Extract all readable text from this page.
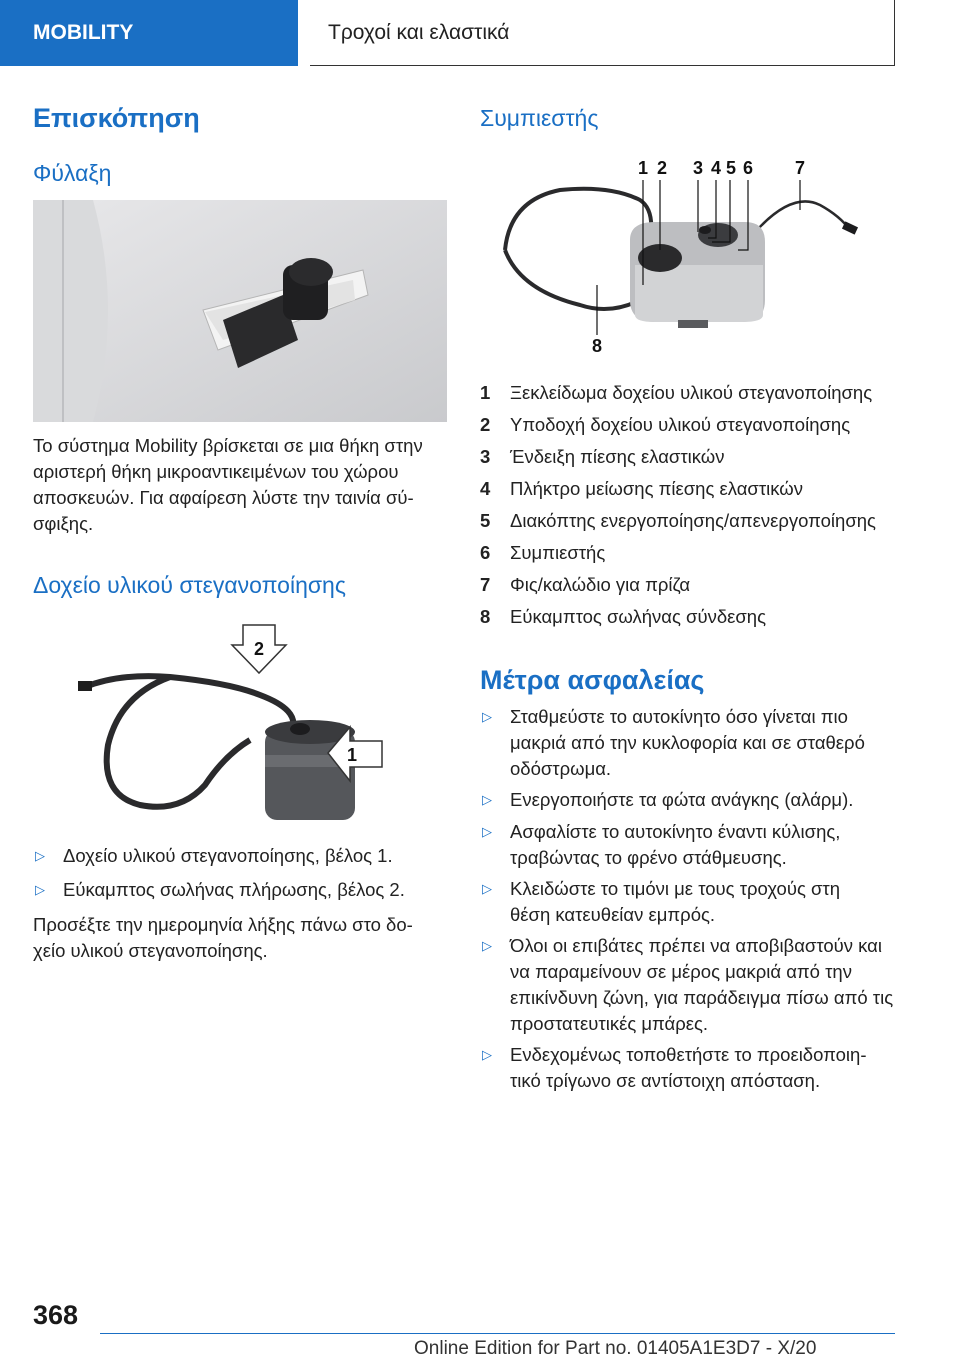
MOBILITY	Τροχοί και ελαστικά
Επισκόπηση
Φύλαξη

Το σύστημα Mobility βρίσκεται σε μια θήκη στην

αριστερή θήκη μικροαντικειμένων του χώρου

αποσκευών. Για αφαίρεση λύστε την ταινία σύ-

σφιξης.

Δοχείο υλικού στεγανοποίησης
2
1
▷ Δοχείο υλικού στεγανοποίησης, βέλος 1.
▷ Εύκαμπτος σωλήνας πλήρωσης, βέλος 2.

Προσέξτε την ημερομηνία λήξης πάνω στο δο-

χείο υλικού στεγανοποίησης.

Συμπιεστής
1 2 3 4 5 6 7
8
1 Ξεκλείδωμα δοχείου υλικού στεγανοποίησης
2 Υποδοχή δοχείου υλικού στεγανοποίησης
3 Ένδειξη πίεσης ελαστικών
4 Πλήκτρο μείωσης πίεσης ελαστικών
5 Διακόπτης ενεργοποίησης/απενεργοποίησης
6 Συμπιεστής
7 Φις/καλώδιο για πρίζα
8 Εύκαμπτος σωλήνας σύνδεσης
Μέτρα ασφαλείας
▷ Σταθμεύστε το αυτοκίνητο όσο γίνεται πιο
μακριά από την κυκλοφορία και σε σταθερό
οδόστρωμα.
▷ Ενεργοποιήστε τα φώτα ανάγκης (αλάρμ).
▷ Ασφαλίστε το αυτοκίνητο έναντι κύλισης,
τραβώντας το φρένο στάθμευσης.
▷ Κλειδώστε το τιμόνι με τους τροχούς στη
θέση κατευθείαν εμπρός.
▷ Όλοι οι επιβάτες πρέπει να αποβιβαστούν και
να παραμείνουν σε μέρος μακριά από την
επικίνδυνη ζώνη, για παράδειγμα πίσω από τις
προστατευτικές μπάρες.
▷ Ενδεχομένως τοποθετήστε το προειδοποιη-
τικό τρίγωνο σε αντίστοιχη απόσταση.
368
Online Edition for Part no. 01405A1E3D7 - X/20
